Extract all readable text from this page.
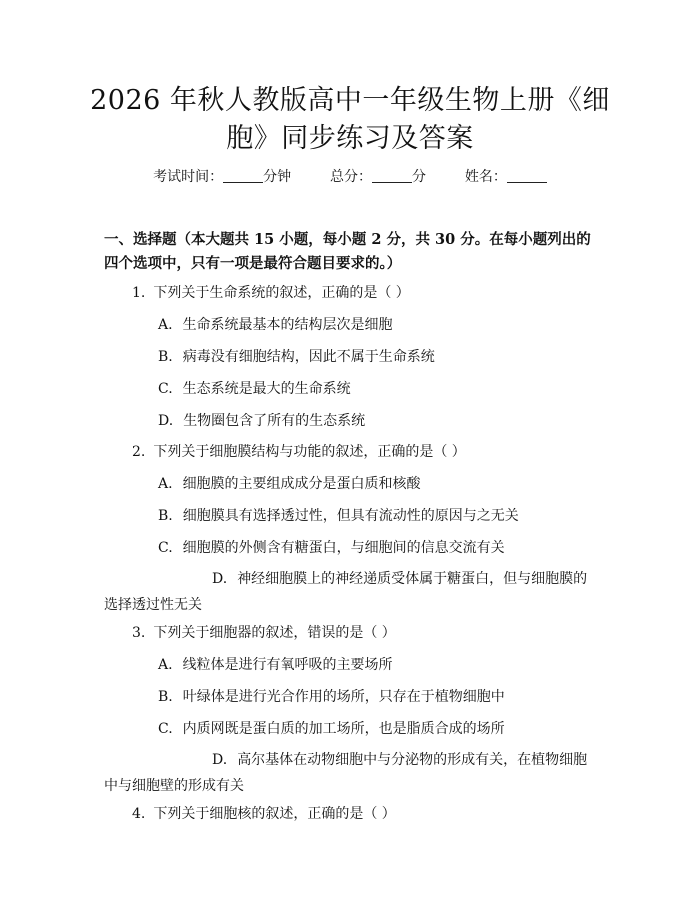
2026 年秋人教版高中一年级生物上册《细
胞》同步练习及答案
考试时间：	分钟	总分：	分	姓名：
一、选择题（本大题共 15 小题，每小题 2 分，共 30 分。在每小题列出的四个选项中，只有一项是最符合题目要求的。）
1. 下列关于生命系统的叙述，正确的是（ ）
A. 生命系统最基本的结构层次是细胞
B. 病毒没有细胞结构，因此不属于生命系统
C. 生态系统是最大的生命系统
D. 生物圈包含了所有的生态系统
2. 下列关于细胞膜结构与功能的叙述，正确的是（ ）
A. 细胞膜的主要组成成分是蛋白质和核酸
B. 细胞膜具有选择透过性，但具有流动性的原因与之无关
C. 细胞膜的外侧含有糖蛋白，与细胞间的信息交流有关
D. 神经细胞膜上的神经递质受体属于糖蛋白，但与细胞膜的选择透过性无关
3. 下列关于细胞器的叙述，错误的是（ ）
A. 线粒体是进行有氧呼吸的主要场所
B. 叶绿体是进行光合作用的场所，只存在于植物细胞中
C. 内质网既是蛋白质的加工场所，也是脂质合成的场所
D. 高尔基体在动物细胞中与分泌物的形成有关，在植物细胞中与细胞壁的形成有关
4. 下列关于细胞核的叙述，正确的是（ ）
